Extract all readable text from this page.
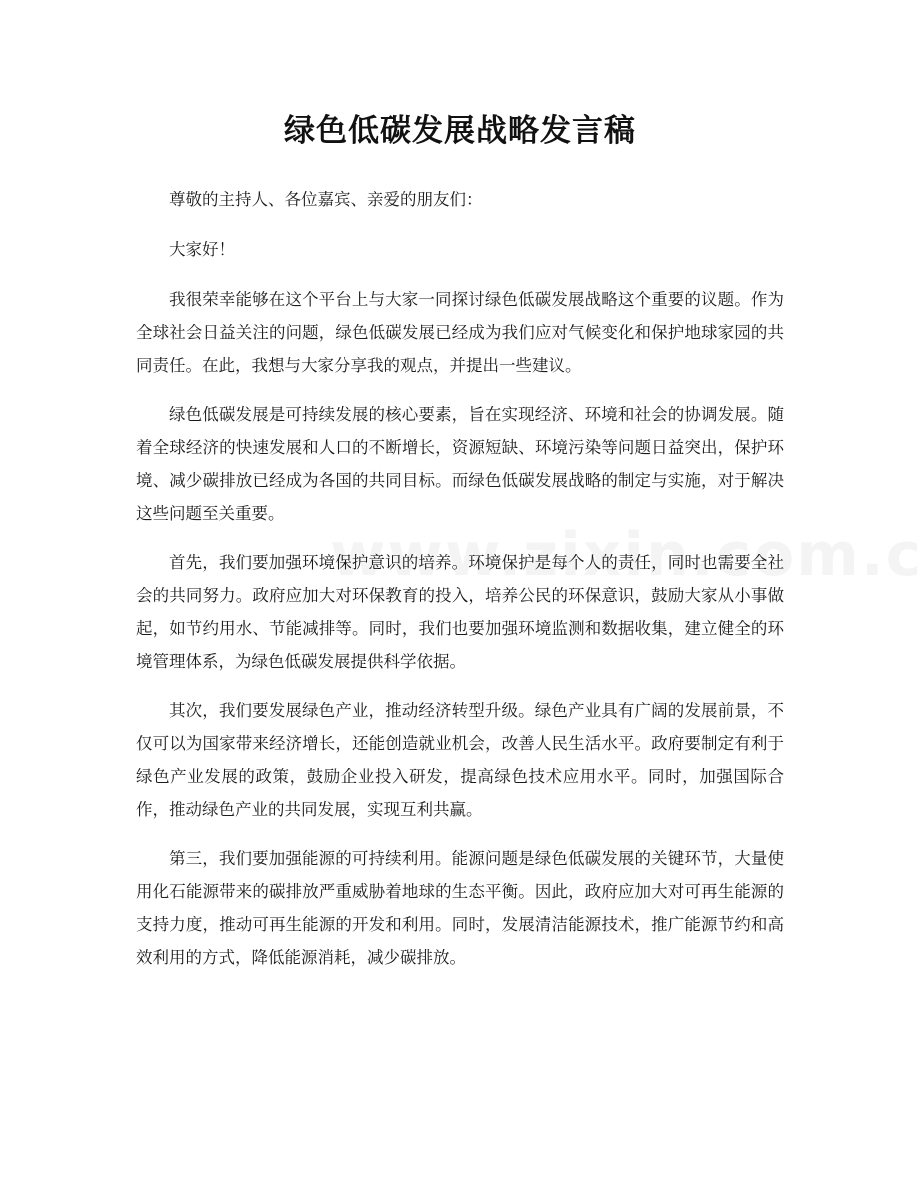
绿色低碳发展战略发言稿

尊敬的主持人、各位嘉宾、亲爱的朋友们：

大家好！

我很荣幸能够在这个平台上与大家一同探讨绿色低碳发展战略这个重要的议题。作为全球社会日益关注的问题，绿色低碳发展已经成为我们应对气候变化和保护地球家园的共同责任。在此，我想与大家分享我的观点，并提出一些建议。

绿色低碳发展是可持续发展的核心要素，旨在实现经济、环境和社会的协调发展。随着全球经济的快速发展和人口的不断增长，资源短缺、环境污染等问题日益突出，保护环境、减少碳排放已经成为各国的共同目标。而绿色低碳发展战略的制定与实施，对于解决这些问题至关重要。

首先，我们要加强环境保护意识的培养。环境保护是每个人的责任，同时也需要全社会的共同努力。政府应加大对环保教育的投入，培养公民的环保意识，鼓励大家从小事做起，如节约用水、节能减排等。同时，我们也要加强环境监测和数据收集，建立健全的环境管理体系，为绿色低碳发展提供科学依据。

其次，我们要发展绿色产业，推动经济转型升级。绿色产业具有广阔的发展前景，不仅可以为国家带来经济增长，还能创造就业机会，改善人民生活水平。政府要制定有利于绿色产业发展的政策，鼓励企业投入研发，提高绿色技术应用水平。同时，加强国际合作，推动绿色产业的共同发展，实现互利共赢。

第三，我们要加强能源的可持续利用。能源问题是绿色低碳发展的关键环节，大量使用化石能源带来的碳排放严重威胁着地球的生态平衡。因此，政府应加大对可再生能源的支持力度，推动可再生能源的开发和利用。同时，发展清洁能源技术，推广能源节约和高效利用的方式，降低能源消耗，减少碳排放。
